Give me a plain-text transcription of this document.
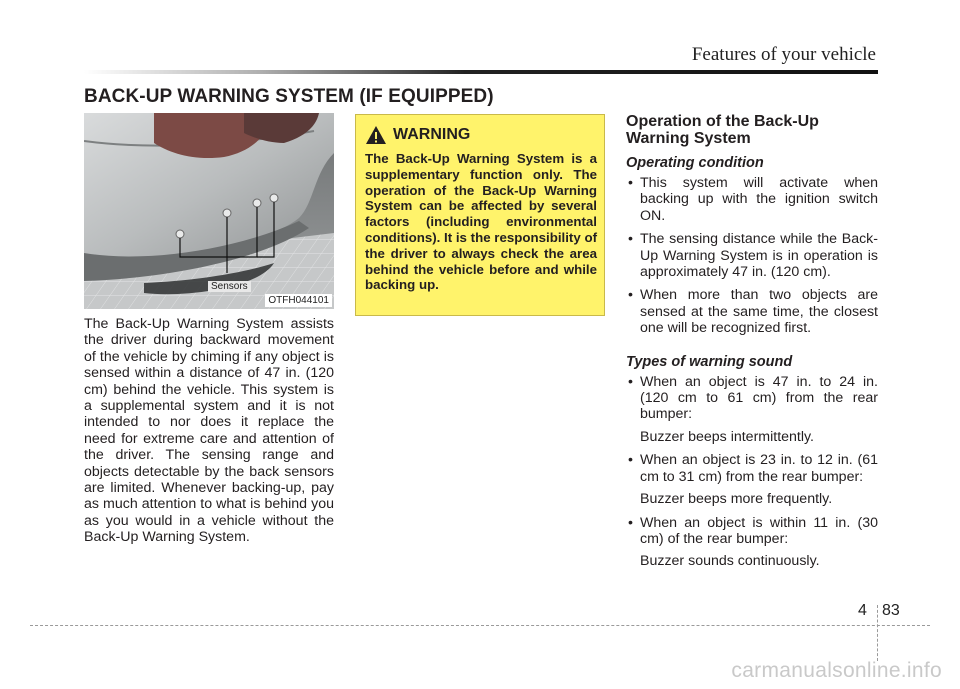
Features of your vehicle
BACK-UP WARNING SYSTEM (IF EQUIPPED)
Sensors
OTFH044101

The Back-Up Warning System assists the driver during backward movement of the vehicle by chiming if any object is sensed within a distance of 47 in. (120 cm) behind the vehicle. This system is a supplemental system and it is not intended to nor does it replace the need for extreme care and attention of the driver. The sensing range and objects detectable by the back sensors are limited. Whenever backing-up, pay as much attention to what is behind you as you would in a vehicle without the Back-Up Warning System.

WARNING

The Back-Up Warning System is a supplementary function only. The operation of the Back-Up Warning System can be affected by several factors (including environmental conditions). It is the responsibility of the driver to always check the area behind the vehicle before and while backing up.

Operation of the Back-Up Warning System
Operating condition
• This system will activate when backing up with the ignition switch ON.
• The sensing distance while the Back-Up Warning System is in operation is approximately 47 in. (120 cm).
• When more than two objects are sensed at the same time, the closest one will be recognized first.
Types of warning sound
• When an object is 47 in. to 24 in. (120 cm to 61 cm) from the rear bumper:
Buzzer beeps intermittently.
• When an object is 23 in. to 12 in. (61 cm to 31 cm) from the rear bumper:
Buzzer beeps more frequently.
• When an object is within 11 in. (30 cm) of the rear bumper:
Buzzer sounds continuously.
4 83
carmanualsonline.info
